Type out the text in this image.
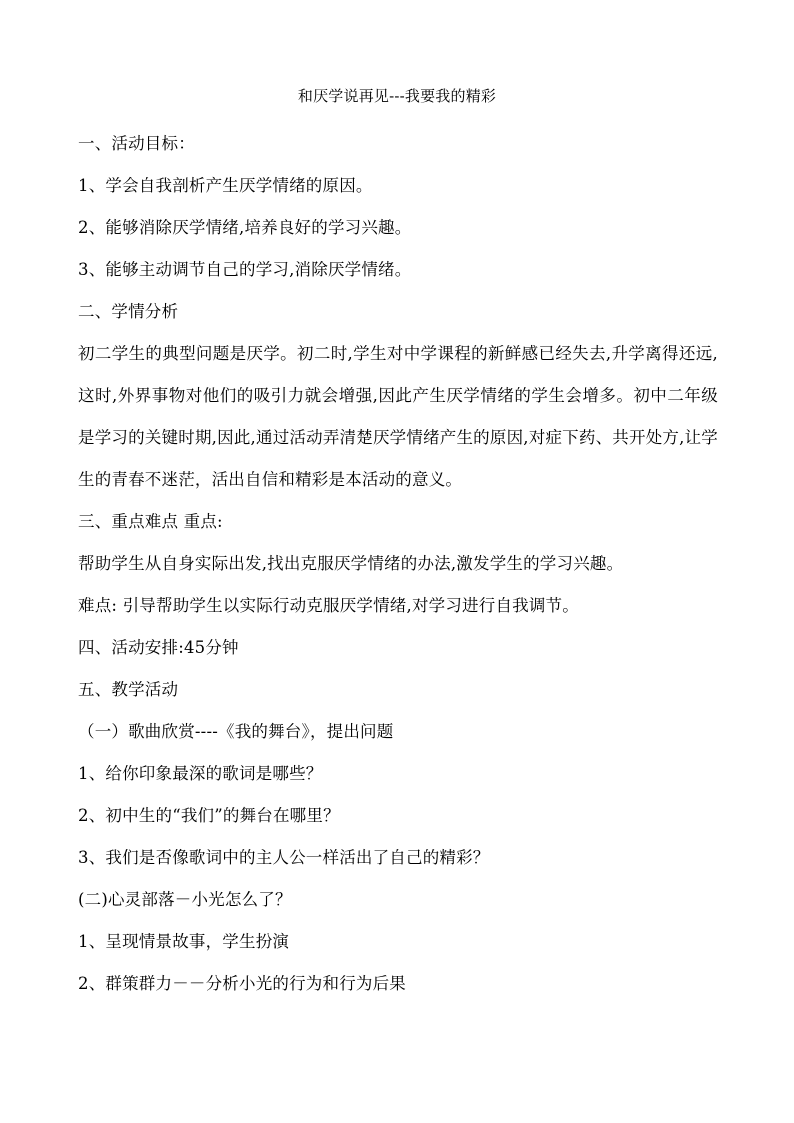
和厌学说再见---我要我的精彩
一、活动目标：
1、学会自我剖析产生厌学情绪的原因。
2、能够消除厌学情绪,培养良好的学习兴趣。
3、能够主动调节自己的学习,消除厌学情绪。
二、学情分析
初二学生的典型问题是厌学。初二时,学生对中学课程的新鲜感已经失去,升学离得还远,这时,外界事物对他们的吸引力就会增强,因此产生厌学情绪的学生会增多。初中二年级是学习的关键时期,因此,通过活动弄清楚厌学情绪产生的原因,对症下药、共开处方,让学生的青春不迷茫，活出自信和精彩是本活动的意义。
三、重点难点 重点:
帮助学生从自身实际出发,找出克服厌学情绪的办法,激发学生的学习兴趣。
难点: 引导帮助学生以实际行动克服厌学情绪,对学习进行自我调节。
四、活动安排:45分钟
五、教学活动
（一）歌曲欣赏----《我的舞台》，提出问题
1、给你印象最深的歌词是哪些？
2、初中生的“我们”的舞台在哪里？
3、我们是否像歌词中的主人公一样活出了自己的精彩？
(二)心灵部落－小光怎么了？
1、呈现情景故事，学生扮演
2、群策群力－－分析小光的行为和行为后果
